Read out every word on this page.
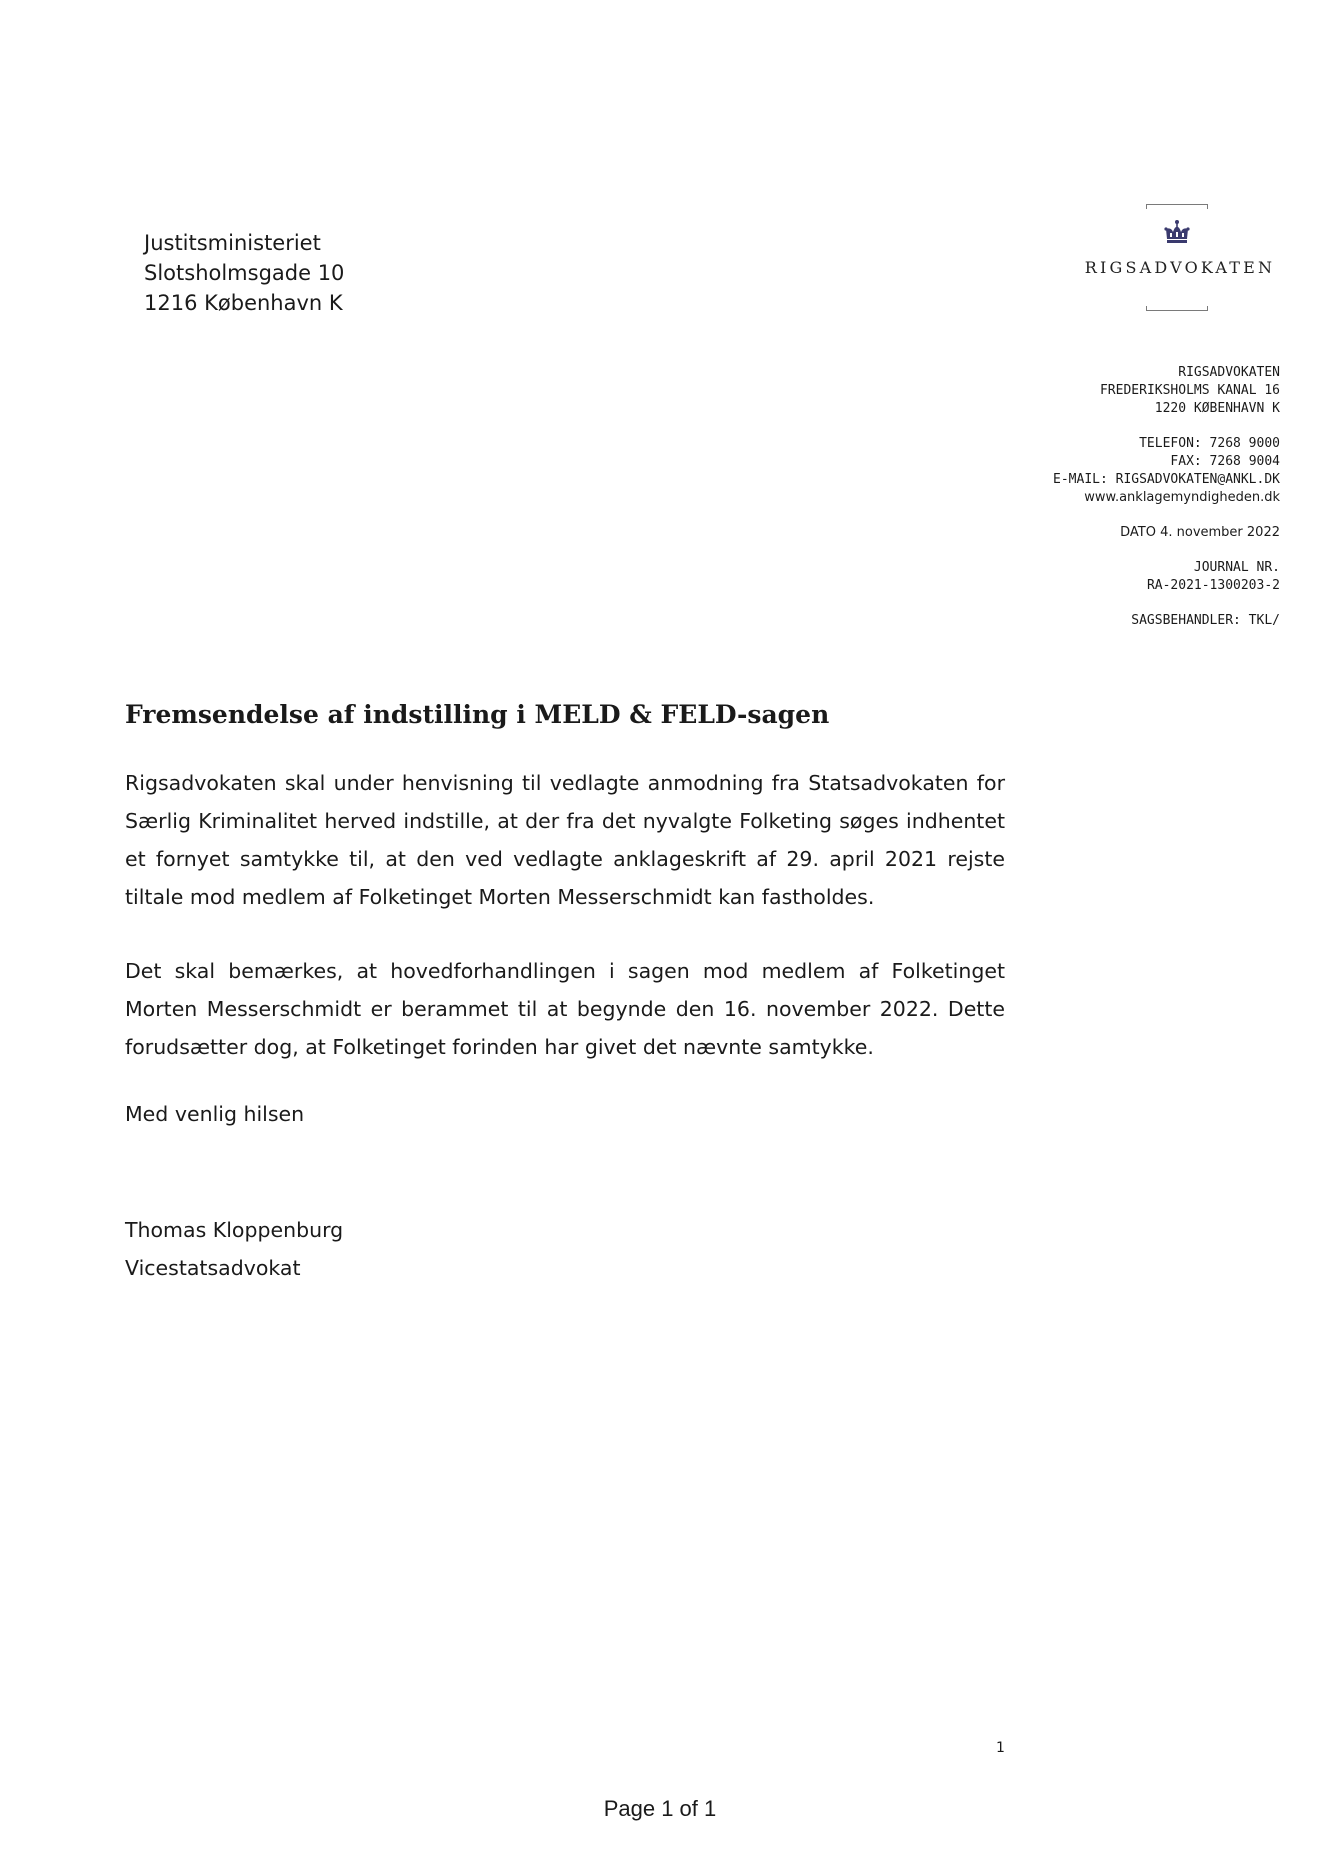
Justitsministeriet
Slotsholmsgade 10
1216 København K
RIGSADVOKATEN
RIGSADVOKATEN
FREDERIKSHOLMS KANAL 16
1220 KØBENHAVN K
TELEFON: 7268 9000
FAX: 7268 9004
E-MAIL: RIGSADVOKATEN@ANKL.DK
www.anklagemyndigheden.dk
DATO 4. november 2022
JOURNAL NR.
RA-2021-1300203-2
SAGSBEHANDLER: TKL/
Fremsendelse af indstilling i MELD & FELD-sagen
Rigsadvokaten skal under henvisning til vedlagte anmodning fra Statsadvokaten for Særlig Kriminalitet herved indstille, at der fra det nyvalgte Folketing søges indhentet et fornyet samtykke til, at den ved vedlagte anklageskrift af 29. april 2021 rejste tiltale mod medlem af Folketinget Morten Messerschmidt kan fastholdes.
Det skal bemærkes, at hovedforhandlingen i sagen mod medlem af Folketinget Morten Messerschmidt er berammet til at begynde den 16. november 2022. Dette forudsætter dog, at Folketinget forinden har givet det nævnte samtykke.
Med venlig hilsen
Thomas Kloppenburg
Vicestatsadvokat
1
Page 1 of 1
